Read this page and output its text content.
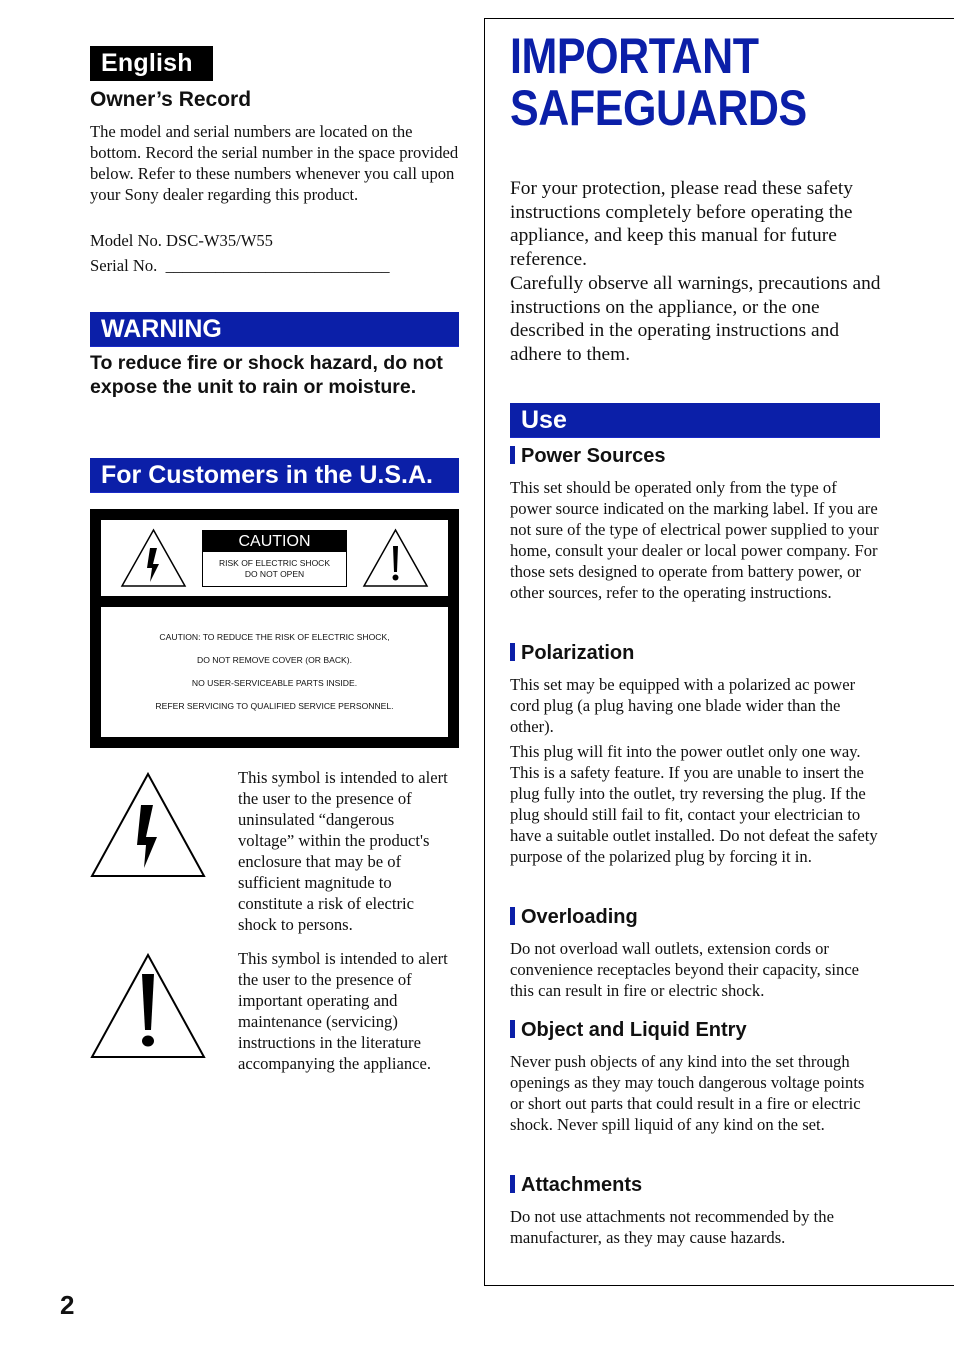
English
Owner’s Record
The model and serial numbers are located on the bottom. Record the serial number in the space provided below. Refer to these numbers whenever you call upon your Sony dealer regarding this product.
Model No. DSC-W35/W55
Serial No.  ___________________________
WARNING
To reduce fire or shock hazard, do not expose the unit to rain or moisture.
For Customers in the U.S.A.
CAUTION
RISK OF ELECTRIC SHOCK
DO NOT OPEN
CAUTION: TO REDUCE THE RISK OF ELECTRIC SHOCK,
DO NOT REMOVE COVER (OR BACK).
NO USER-SERVICEABLE PARTS INSIDE.
REFER SERVICING TO QUALIFIED SERVICE PERSONNEL.
This symbol is intended to alert the user to the presence of uninsulated “dangerous voltage” within the product's enclosure that may be of sufficient magnitude to constitute a risk of electric shock to persons.
This symbol is intended to alert the user to the presence of important operating and maintenance (servicing) instructions in the literature accompanying the appliance.
2
IMPORTANT
SAFEGUARDS
For your protection, please read these safety instructions completely before operating the appliance, and keep this manual for future reference.
Carefully observe all warnings, precautions and instructions on the appliance, or the one described in the operating instructions and adhere to them.
Use
Power Sources
This set should be operated only from the type of power source indicated on the marking label. If you are not sure of the type of electrical power supplied to your home, consult your dealer or local power company. For those sets designed to operate from battery power, or other sources, refer to the operating instructions.
Polarization
This set may be equipped with a polarized ac power cord plug (a plug having one blade wider than the other).
This plug will fit into the power outlet only one way. This is a safety feature. If you are unable to insert the plug fully into the outlet, try reversing the plug. If the plug should still fail to fit, contact your electrician to have a suitable outlet installed. Do not defeat the safety purpose of the polarized plug by forcing it in.
Overloading
Do not overload wall outlets, extension cords or convenience receptacles beyond their capacity, since this can result in fire or electric shock.
Object and Liquid Entry
Never push objects of any kind into the set through openings as they may touch dangerous voltage points or short out parts that could result in a fire or electric shock. Never spill liquid of any kind on the set.
Attachments
Do not use attachments not recommended by the manufacturer, as they may cause hazards.
